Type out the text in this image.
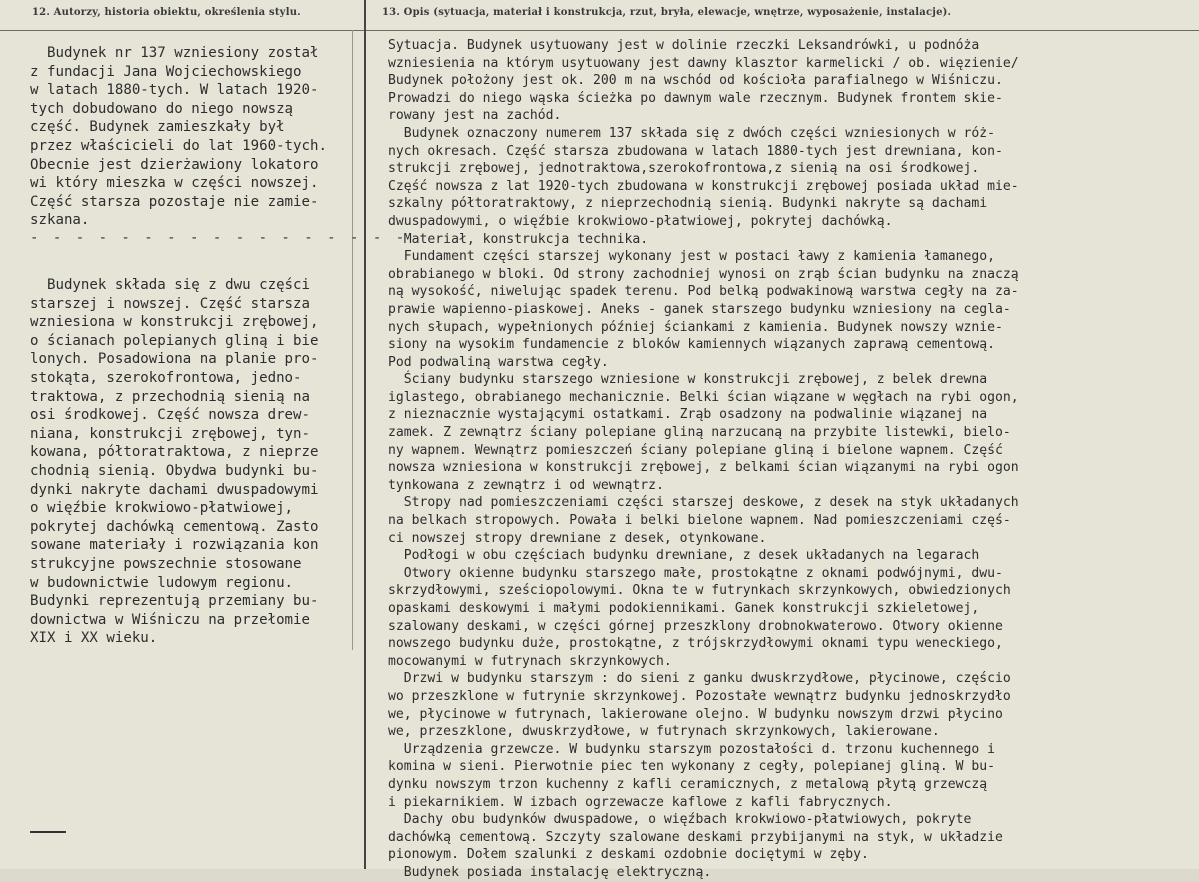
12. Autorzy, historia obiektu, określenia stylu.	13. Opis (sytuacja, materiał i konstrukcja, rzut, bryła, elewacje, wnętrze, wyposażenie, instalacje).
Budynek nr 137 wzniesiony został
z fundacji Jana Wojciechowskiego
w latach 1880-tych. W latach 1920-
tych dobudowano do niego nowszą
część. Budynek zamieszkały był
przez właścicieli do lat 1960-tych.
Obecnie jest dzierżawiony lokatoro
wi który mieszka w części nowszej.
Część starsza pozostaje nie zamie-
szkana.
- - - - - - - - - - - - - - - - -
Budynek składa się z dwu części
starszej i nowszej. Część starsza
wzniesiona w konstrukcji zrębowej,
o ścianach polepianych gliną i bie
lonych. Posadowiona na planie pro-
stokąta, szerokofrontowa, jedno-
traktowa, z przechodnią sienią na
osi środkowej. Część nowsza drew-
niana, konstrukcji zrębowej, tyn-
kowana, półtoratraktowa, z nieprze
chodnią sienią. Obydwa budynki bu-
dynki nakryte dachami dwuspadowymi
o więźbie krokwiowo-płatwiowej,
pokrytej dachówką cementową. Zasto
sowane materiały i rozwiązania kon
strukcyjne powszechnie stosowane
w budownictwie ludowym regionu.
Budynki reprezentują przemiany bu-
downictwa w Wiśniczu na przełomie
XIX i XX wieku.
Sytuacja. Budynek usytuowany jest w dolinie rzeczki Leksandrówki, u podnóża
wzniesienia na którym usytuowany jest dawny klasztor karmelicki / ob. więzienie/
Budynek położony jest ok. 200 m na wschód od kościoła parafialnego w Wiśniczu.
Prowadzi do niego wąska ścieżka po dawnym wale rzecznym. Budynek frontem skie-
rowany jest na zachód.
Budynek oznaczony numerem 137 składa się z dwóch części wzniesionych w róż-
nych okresach. Część starsza zbudowana w latach 1880-tych jest drewniana, kon-
strukcji zrębowej, jednotraktowa,szerokofrontowa,z sienią na osi środkowej.
Część nowsza z lat 1920-tych zbudowana w konstrukcji zrębowej posiada układ mie-
szkalny półtoratraktowy, z nieprzechodnią sienią. Budynki nakryte są dachami
dwuspadowymi, o więźbie krokwiowo-płatwiowej, pokrytej dachówką.
Materiał, konstrukcja technika.
Fundament części starszej wykonany jest w postaci ławy z kamienia łamanego,
obrabianego w bloki. Od strony zachodniej wynosi on zrąb ścian budynku na znaczą
ną wysokość, niwelując spadek terenu. Pod belką podwakinową warstwa cegły na za-
prawie wapienno-piaskowej. Aneks - ganek starszego budynku wzniesiony na cegla-
nych słupach, wypełnionych później ściankami z kamienia. Budynek nowszy wznie-
siony na wysokim fundamencie z bloków kamiennych wiązanych zaprawą cementową.
Pod podwaliną warstwa cegły.
Ściany budynku starszego wzniesione w konstrukcji zrębowej, z belek drewna
iglastego, obrabianego mechanicznie. Belki ścian wiązane w węgłach na rybi ogon,
z nieznacznie wystającymi ostatkami. Zrąb osadzony na podwalinie wiązanej na
zamek. Z zewnątrz ściany polepiane gliną narzucaną na przybite listewki, bielo-
ny wapnem. Wewnątrz pomieszczeń ściany polepiane gliną i bielone wapnem. Część
nowsza wzniesiona w konstrukcji zrębowej, z belkami ścian wiązanymi na rybi ogon
tynkowana z zewnątrz i od wewnątrz.
Stropy nad pomieszczeniami części starszej deskowe, z desek na styk układanych
na belkach stropowych. Powała i belki bielone wapnem. Nad pomieszczeniami częś-
ci nowszej stropy drewniane z desek, otynkowane.
Podłogi w obu częściach budynku drewniane, z desek układanych na legarach
Otwory okienne budynku starszego małe, prostokątne z oknami podwójnymi, dwu-
skrzydłowymi, sześciopolowymi. Okna te w futrynkach skrzynkowych, obwiedzionych
opaskami deskowymi i małymi podokiennikami. Ganek konstrukcji szkieletowej,
szalowany deskami, w części górnej przeszklony drobnokwaterowo. Otwory okienne
nowszego budynku duże, prostokątne, z trójskrzydłowymi oknami typu weneckiego,
mocowanymi w futrynach skrzynkowych.
Drzwi w budynku starszym : do sieni z ganku dwuskrzydłowe, płycinowe, częścio
wo przeszklone w futrynie skrzynkowej. Pozostałe wewnątrz budynku jednoskrzydło
we, płycinowe w futrynach, lakierowane olejno. W budynku nowszym drzwi płycino
we, przeszklone, dwuskrzydłowe, w futrynach skrzynkowych, lakierowane.
Urządzenia grzewcze. W budynku starszym pozostałości d. trzonu kuchennego i
komina w sieni. Pierwotnie piec ten wykonany z cegły, polepianej gliną. W bu-
dynku nowszym trzon kuchenny z kafli ceramicznych, z metalową płytą grzewczą
i piekarnikiem. W izbach ogrzewacze kaflowe z kafli fabrycznych.
Dachy obu budynków dwuspadowe, o więźbach krokwiowo-płatwiowych, pokryte
dachówką cementową. Szczyty szalowane deskami przybijanymi na styk, w układzie
pionowym. Dołem szalunki z deskami ozdobnie dociętymi w zęby.
Budynek posiada instalację elektryczną.
